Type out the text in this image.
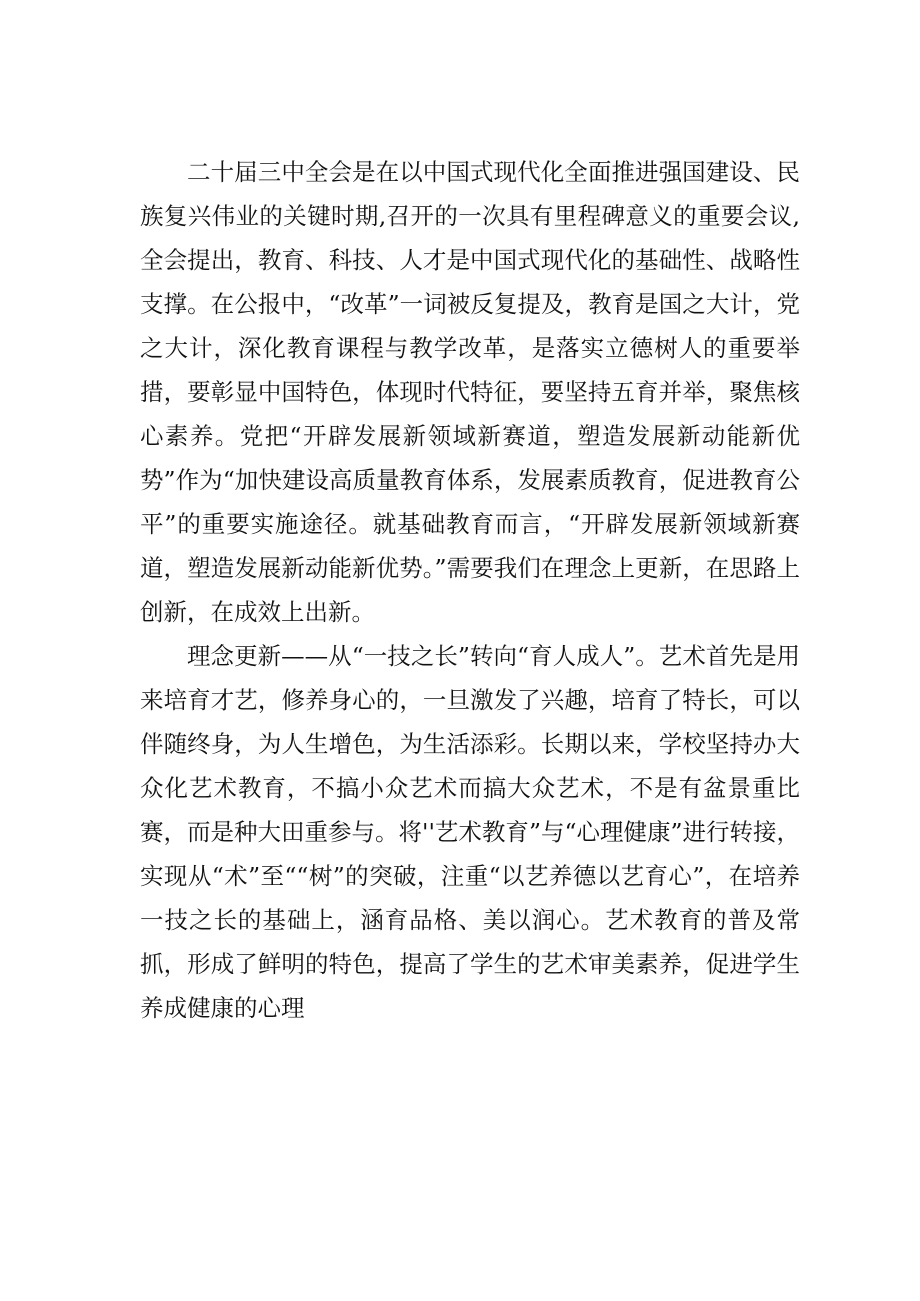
二十届三中全会是在以中国式现代化全面推进强国建设、民族复兴伟业的关键时期,召开的一次具有里程碑意义的重要会议,全会提出，教育、科技、人才是中国式现代化的基础性、战略性支撑。在公报中，“改革”一词被反复提及，教育是国之大计，党之大计，深化教育课程与教学改革，是落实立德树人的重要举措，要彰显中国特色，体现时代特征，要坚持五育并举，聚焦核心素养。党把“开辟发展新领域新赛道，塑造发展新动能新优势”作为“加快建设高质量教育体系，发展素质教育，促进教育公平”的重要实施途径。就基础教育而言，“开辟发展新领域新赛道，塑造发展新动能新优势。”需要我们在理念上更新，在思路上创新，在成效上出新。

理念更新——从“一技之长”转向“育人成人”。艺术首先是用来培育才艺，修养身心的，一旦激发了兴趣，培育了特长，可以伴随终身，为人生增色，为生活添彩。长期以来，学校坚持办大众化艺术教育，不搞小众艺术而搞大众艺术，不是有盆景重比赛，而是种大田重参与。将''艺术教育”与“心理健康”进行转接，实现从“术”至““树”的突破，注重“以艺养德以艺育心”，在培养一技之长的基础上，涵育品格、美以润心。艺术教育的普及常抓，形成了鲜明的特色，提高了学生的艺术审美素养，促进学生养成健康的心理
